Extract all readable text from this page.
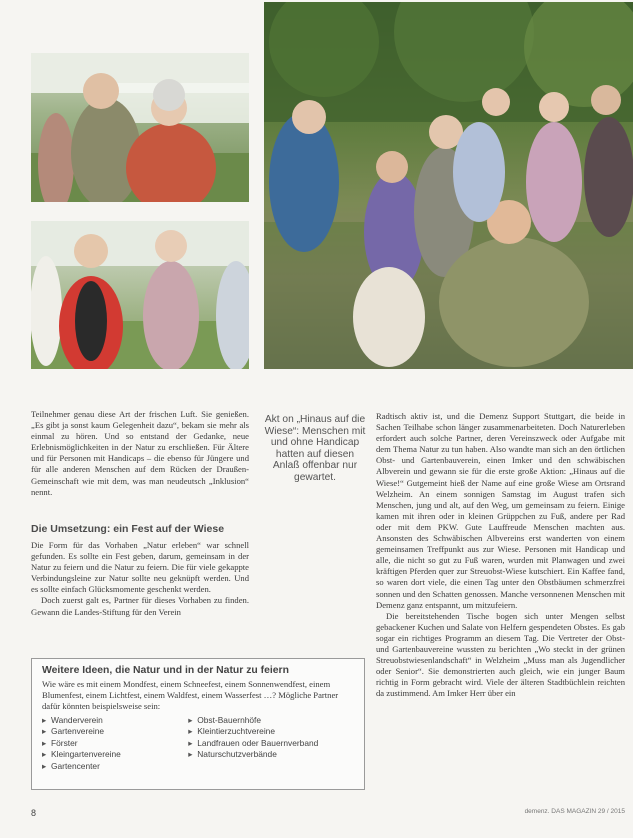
Teilnehmer genau diese Art der frischen Luft. Sie genießen. „Es gibt ja sonst kaum Gelegenheit dazu“, bekam sie mehr als einmal zu hören. Und so entstand der Gedanke, neue Erlebnismöglichkeiten in der Natur zu erschließen. Für Ältere und für Personen mit Handicaps – die ebenso für Jüngere und für alle anderen Menschen auf dem Rücken der Draußen-Gemeinschaft wie mit dem, was man neudeutsch „Inklusion“ nennt.

Die Umsetzung: ein Fest auf der Wiese

Die Form für das Vorhaben „Natur erleben“ war schnell gefunden. Es sollte ein Fest geben, darum, gemeinsam in der Natur zu feiern und die Natur zu feiern. Die für viele gekappte Verbindungsleine zur Natur sollte neu geknüpft werden. Und es sollte einfach Glücksmomente geschenkt werden.

Doch zuerst galt es, Partner für dieses Vorhaben zu finden. Gewann die Landes-Stiftung für den Verein

Akt on „Hinaus auf die Wiese“: Menschen mit und ohne Handicap hatten auf diesen Anlaß offenbar nur gewartet.

Radtisch aktiv ist, und die Demenz Support Stuttgart, die beide in Sachen Teilhabe schon länger zusammenarbeiteten. Doch Naturerleben erfordert auch solche Partner, deren Vereinszweck oder Aufgabe mit dem Thema Natur zu tun haben. Also wandte man sich an den örtlichen Obst- und Gartenbauverein, einen Imker und den schwäbischen Albverein und gewann sie für die erste große Aktion: „Hinaus auf die Wiese!“ Gutgemeint hieß der Name auf eine große Wiese am Ortsrand Welzheim. An einem sonnigen Samstag im August trafen sich Menschen, jung und alt, auf den Weg, um gemeinsam zu feiern. Einige kamen mit ihren oder in kleinen Grüppchen zu Fuß, andere per Rad oder mit dem PKW. Gute Lauffreude Menschen machten aus. Ansonsten des Schwäbischen Albvereins erst wanderten von einem gemeinsamen Treffpunkt aus zur Wiese. Personen mit Handicap und alle, die nicht so gut zu Fuß waren, wurden mit Planwagen und zwei kräftigen Pferden quer zur Streuobst-Wiese kutschiert. Ein Kaffee fand, so waren dort viele, die einen Tag unter den Obstbäumen schmerzfrei sonnen und den Schatten genossen. Manche versonnenen Menschen mit Demenz ganz entspannt, um mitzufeiern.

Die bereitstehenden Tische bogen sich unter Mengen selbst gebackener Kuchen und Salate von Helfern gespendeten Obstes. Es gab sogar ein richtiges Programm an diesem Tag. Die Vertreter der Obst- und Gartenbauvereine wussten zu berichten „Wo steckt in der grünen Streuobstwiesenlandschaft“ in Welzheim „Muss man als Jugendlicher oder Senior“. Sie demonstrierten auch gleich, wie ein junger Baum richtig in Form gebracht wird. Viele der älteren Stadtbüchlein reichten da zustimmend. Am Imker Herr über ein

Weitere Ideen, die Natur und in der Natur zu feiern
Wie wäre es mit einem Mondfest, einem Schneefest, einem Sonnenwendfest, einem Blumenfest, einem Lichtfest, einem Waldfest, einem Wasserfest …? Mögliche Partner dafür könnten beispielsweise sein:
▸ Wanderverein
▸ Gartenvereine
▸ Förster
▸ Kleingartenvereine
▸ Gartencenter
▸ Obst-Bauernhöfe
▸ Kleintierzuchtvereine
▸ Landfrauen oder Bauernverband
▸ Naturschutzverbände
8	demenz. DAS MAGAZIN 29 / 2015
